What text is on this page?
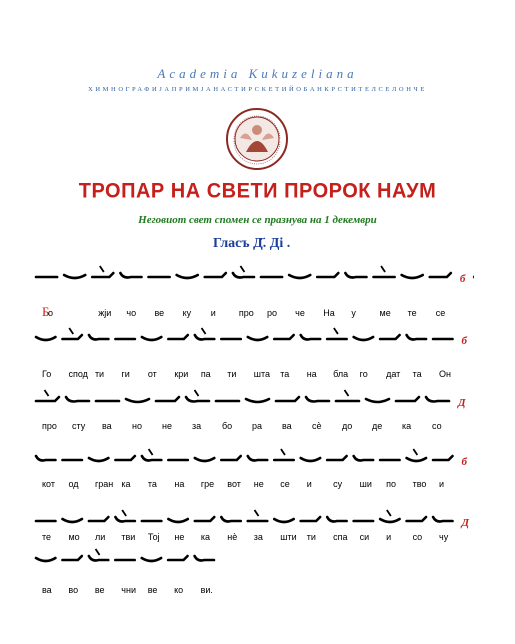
Academia Kukuzeliana
ХИМНОГРАФИЈАПРИМЈАНАСТИРСКЕТИЙОБАНКРСТИТЕЛСЕЛОНЧЕ
ТРОПАР НА СВЕТИ ПРОРОК НАУМ
Неговиот свет спомен се празнува на 1 декември
Гласъ Д҃. Ді .
б
Б
о	жји чо ве ку и	про ро че На у	ме те се
б
Го спод ти ги от кри па ти шта та на бла го дат та Он
Д
про сту ва но не за бо ра ва сѐ до де ка со
б
кот од гран ка та на гре вот не се и су ши по тво и
Д
те мо ли тви Тој не ка нѐ за шти ти спа си и со чу
ва во ве чни ве ко ви.
